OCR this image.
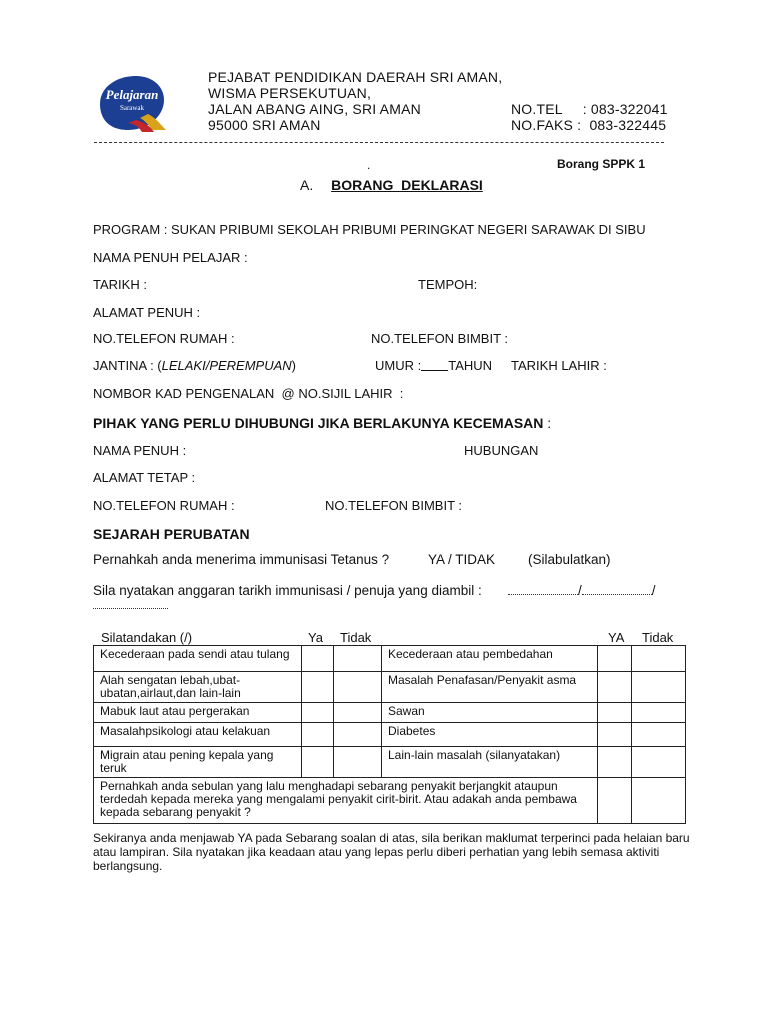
Pelajaran
Sarawak
PEJABAT PENDIDIKAN DAERAH SRI AMAN,
WISMA PERSEKUTUAN,
JALAN ABANG AING, SRI AMAN
95000 SRI AMAN
NO.TEL     : 083-322041
NO.FAKS :  083-322445
Borang SPPK 1
.
A. BORANG  DEKLARASI
PROGRAM : SUKAN PRIBUMI SEKOLAH PRIBUMI PERINGKAT NEGERI SARAWAK DI SIBU
NAMA PENUH PELAJAR :
TARIKH :	TEMPOH:
ALAMAT PENUH :
NO.TELEFON RUMAH :	NO.TELEFON BIMBIT :
JANTINA : (LELAKI/PEREMPUAN)	UMUR : TAHUN TARIKH LAHIR :
NOMBOR KAD PENGENALAN  @ NO.SIJIL LAHIR  :
PIHAK YANG PERLU DIHUBUNGI JIKA BERLAKUNYA KECEMASAN :
NAMA PENUH :	HUBUNGAN
ALAMAT TETAP :
NO.TELEFON RUMAH :	NO.TELEFON BIMBIT :
SEJARAH PERUBATAN
Pernahkah anda menerima immunisasi Tetanus ?	YA / TIDAK (Silabulatkan)
Sila nyatakan anggaran tarikh immunisasi / penuja yang diambil :	/	/
Silatandakan (/)	Ya Tidak	YA Tidak
Kecederaan pada sendi atau tulang			Kecederaan atau pembedahan		
Alah sengatan lebah,ubat-ubatan,airlaut,dan lain-lain			Masalah Penafasan/Penyakit asma		
Mabuk laut atau pergerakan			Sawan		
Masalahpsikologi atau kelakuan			Diabetes		
Migrain atau pening kepala yang teruk			Lain-lain masalah (silanyatakan)		
Pernahkah anda sebulan yang lalu menghadapi sebarang penyakit berjangkit ataupun terdedah kepada mereka yang mengalami penyakit cirit-birit. Atau adakah anda pembawa kepada sebarang penyakit ?					
Sekiranya anda menjawab YA pada Sebarang soalan di atas, sila berikan maklumat terperinci pada helaian baru atau lampiran. Sila nyatakan jika keadaan atau yang lepas perlu diberi perhatian yang lebih semasa aktiviti berlangsung.
